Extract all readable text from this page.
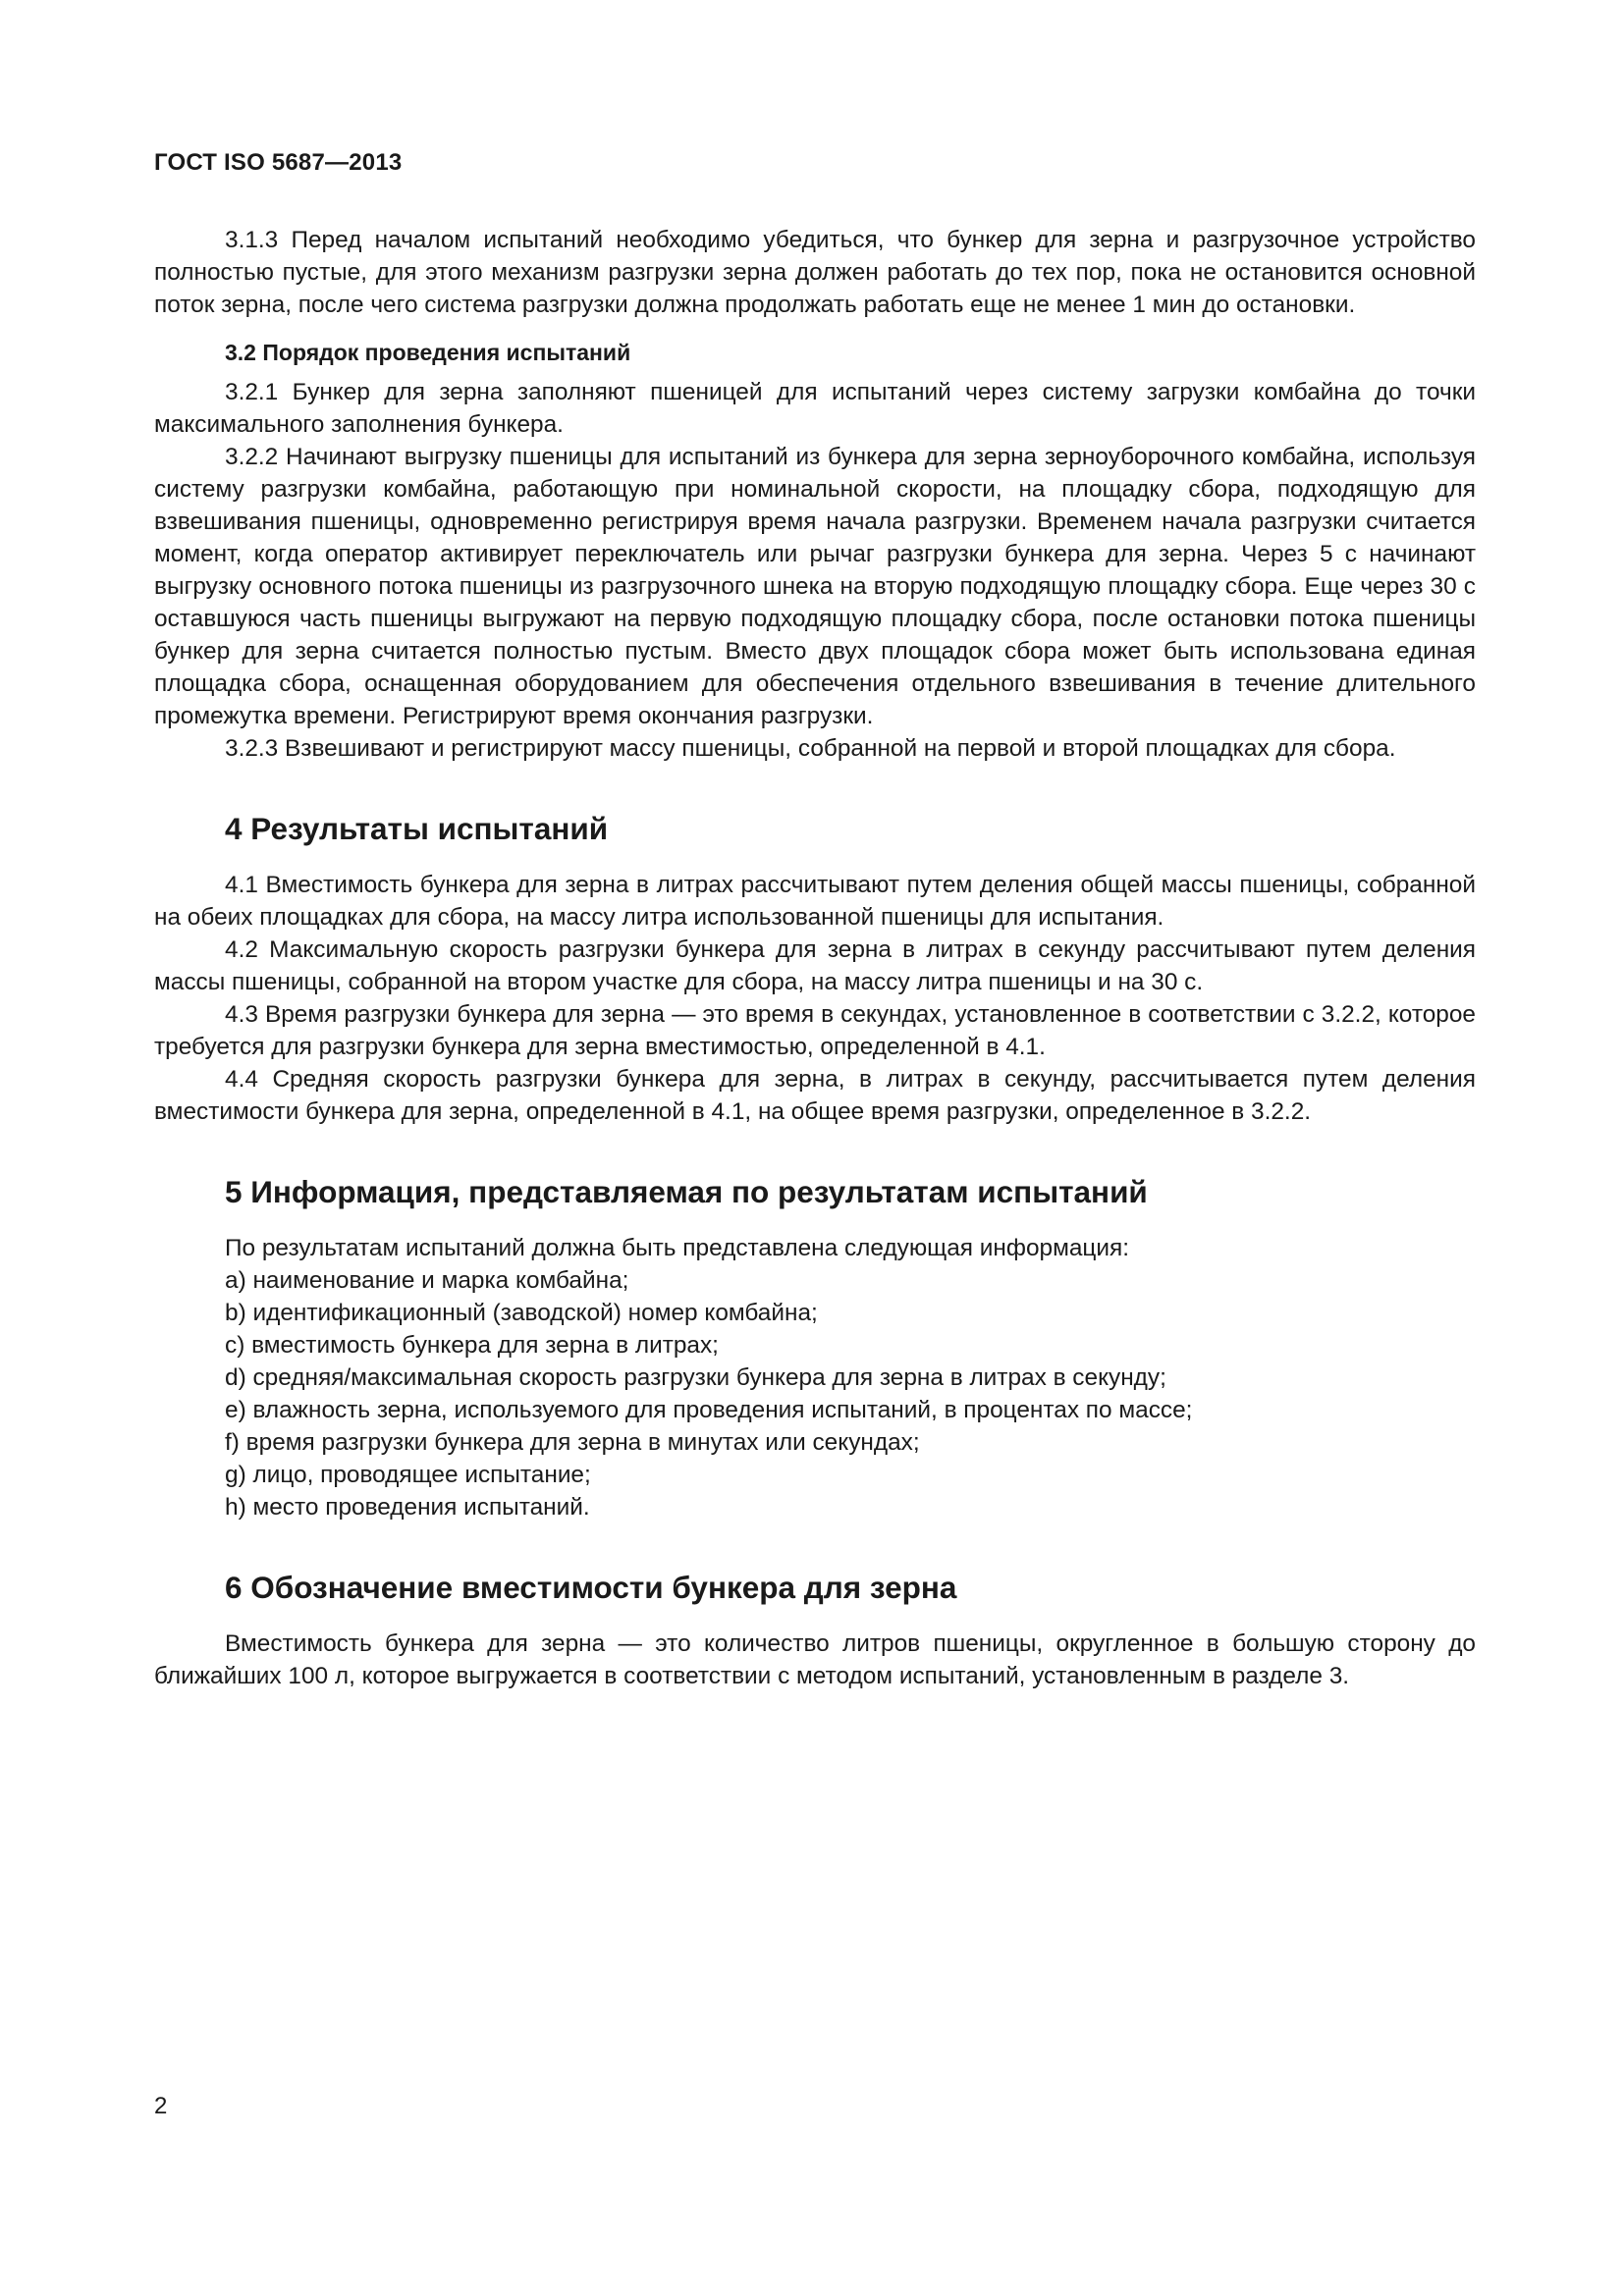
ГОСТ ISO 5687—2013

3.1.3 Перед началом испытаний необходимо убедиться, что бункер для зерна и разгрузочное устройство полностью пустые, для этого механизм разгрузки зерна должен работать до тех пор, пока не остановится основной поток зерна, после чего система разгрузки должна продолжать работать еще не менее 1 мин до остановки.

3.2 Порядок проведения испытаний

3.2.1 Бункер для зерна заполняют пшеницей для испытаний через систему загрузки комбайна до точки максимального заполнения бункера.

3.2.2 Начинают выгрузку пшеницы для испытаний из бункера для зерна зерноуборочного комбайна, используя систему разгрузки комбайна, работающую при номинальной скорости, на площадку сбора, подходящую для взвешивания пшеницы, одновременно регистрируя время начала разгрузки. Временем начала разгрузки считается момент, когда оператор активирует переключатель или рычаг разгрузки бункера для зерна. Через 5 с начинают выгрузку основного потока пшеницы из разгрузочного шнека на вторую подходящую площадку сбора. Еще через 30 с оставшуюся часть пшеницы выгружают на первую подходящую площадку сбора, после остановки потока пшеницы бункер для зерна считается полностью пустым. Вместо двух площадок сбора может быть использована единая площадка сбора, оснащенная оборудованием для обеспечения отдельного взвешивания в течение длительного промежутка времени. Регистрируют время окончания разгрузки.

3.2.3 Взвешивают и регистрируют массу пшеницы, собранной на первой и второй площадках для сбора.

4 Результаты испытаний

4.1 Вместимость бункера для зерна в литрах рассчитывают путем деления общей массы пшеницы, собранной на обеих площадках для сбора, на массу литра использованной пшеницы для испытания.

4.2 Максимальную скорость разгрузки бункера для зерна в литрах в секунду рассчитывают путем деления массы пшеницы, собранной на втором участке для сбора, на массу литра пшеницы и на 30 с.

4.3 Время разгрузки бункера для зерна — это время в секундах, установленное в соответствии с 3.2.2, которое требуется для разгрузки бункера для зерна вместимостью, определенной в 4.1.

4.4 Средняя скорость разгрузки бункера для зерна, в литрах в секунду, рассчитывается путем деления вместимости бункера для зерна, определенной в 4.1, на общее время разгрузки, определенное в 3.2.2.

5 Информация, представляемая по результатам испытаний
По результатам испытаний должна быть представлена следующая информация:
a) наименование и марка комбайна;
b) идентификационный (заводской) номер комбайна;
c) вместимость бункера для зерна в литрах;
d) средняя/максимальная скорость разгрузки бункера для зерна в литрах в секунду;
e) влажность зерна, используемого для проведения испытаний, в процентах по массе;
f) время разгрузки бункера для зерна в минутах или секундах;
g) лицо, проводящее испытание;
h) место проведения испытаний.
6 Обозначение вместимости бункера для зерна

Вместимость бункера для зерна — это количество литров пшеницы, округленное в большую сторону до ближайших 100 л, которое выгружается в соответствии с методом испытаний, установленным в разделе 3.

2
